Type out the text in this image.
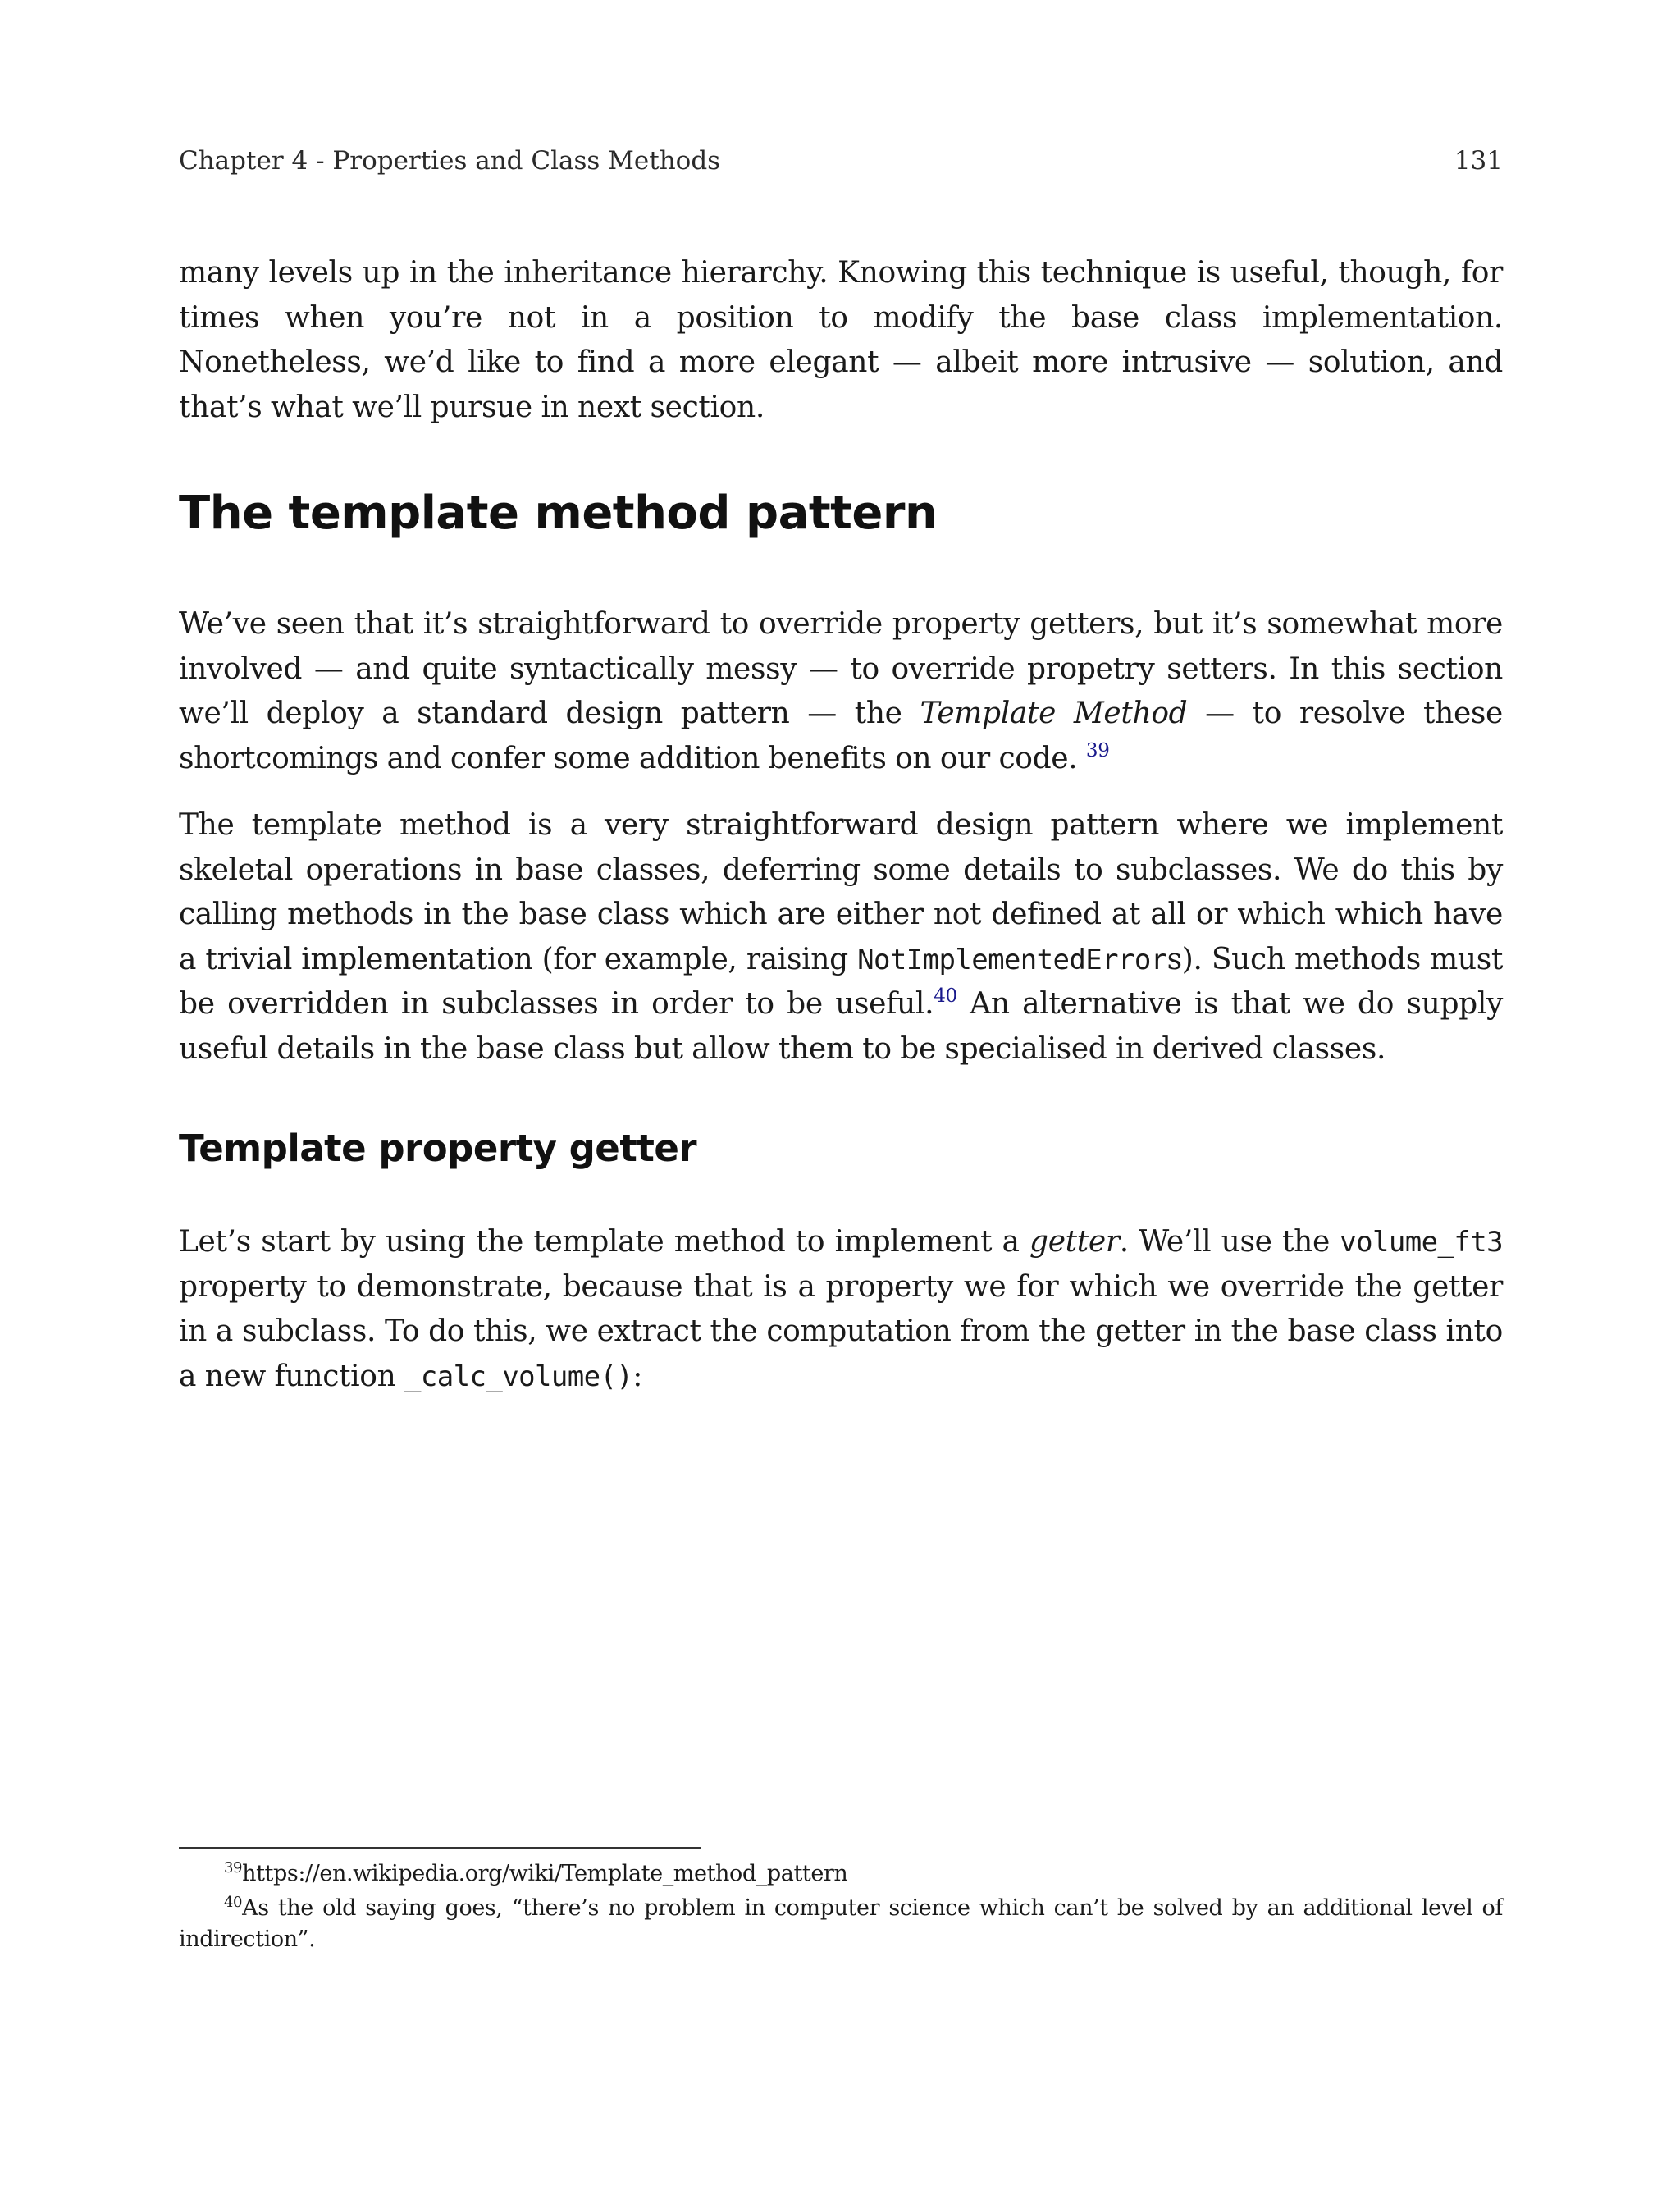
Chapter 4 - Properties and Class Methods	131

many levels up in the inheritance hierarchy. Knowing this technique is useful, though, for times when you’re not in a position to modify the base class implementation. Nonetheless, we’d like to find a more elegant — albeit more intrusive — solution, and that’s what we’ll pursue in next section.

The template method pattern

We’ve seen that it’s straightforward to override property getters, but it’s somewhat more involved — and quite syntactically messy — to override propetry setters. In this section we’ll deploy a standard design pattern — the Template Method — to resolve these shortcomings and confer some addition benefits on our code. $^{39}$

The template method is a very straightforward design pattern where we implement skeletal operations in base classes, deferring some details to subclasses. We do this by calling methods in the base class which are either not defined at all or which which have a trivial implementation (for example, raising NotImplementedErrors). Such methods must be overridden in subclasses in order to be useful.$^{40}$ An alternative is that we do supply useful details in the base class but allow them to be specialised in derived classes.

Template property getter

Let’s start by using the template method to implement a getter. We’ll use the volume_ft3 property to demonstrate, because that is a property we for which we override the getter in a subclass. To do this, we extract the computation from the getter in the base class into a new function _calc_volume():

$^{39}$https://en.wikipedia.org/wiki/Template_method_pattern

$^{40}$As the old saying goes, “there’s no problem in computer science which can’t be solved by an additional level of indirection”.
